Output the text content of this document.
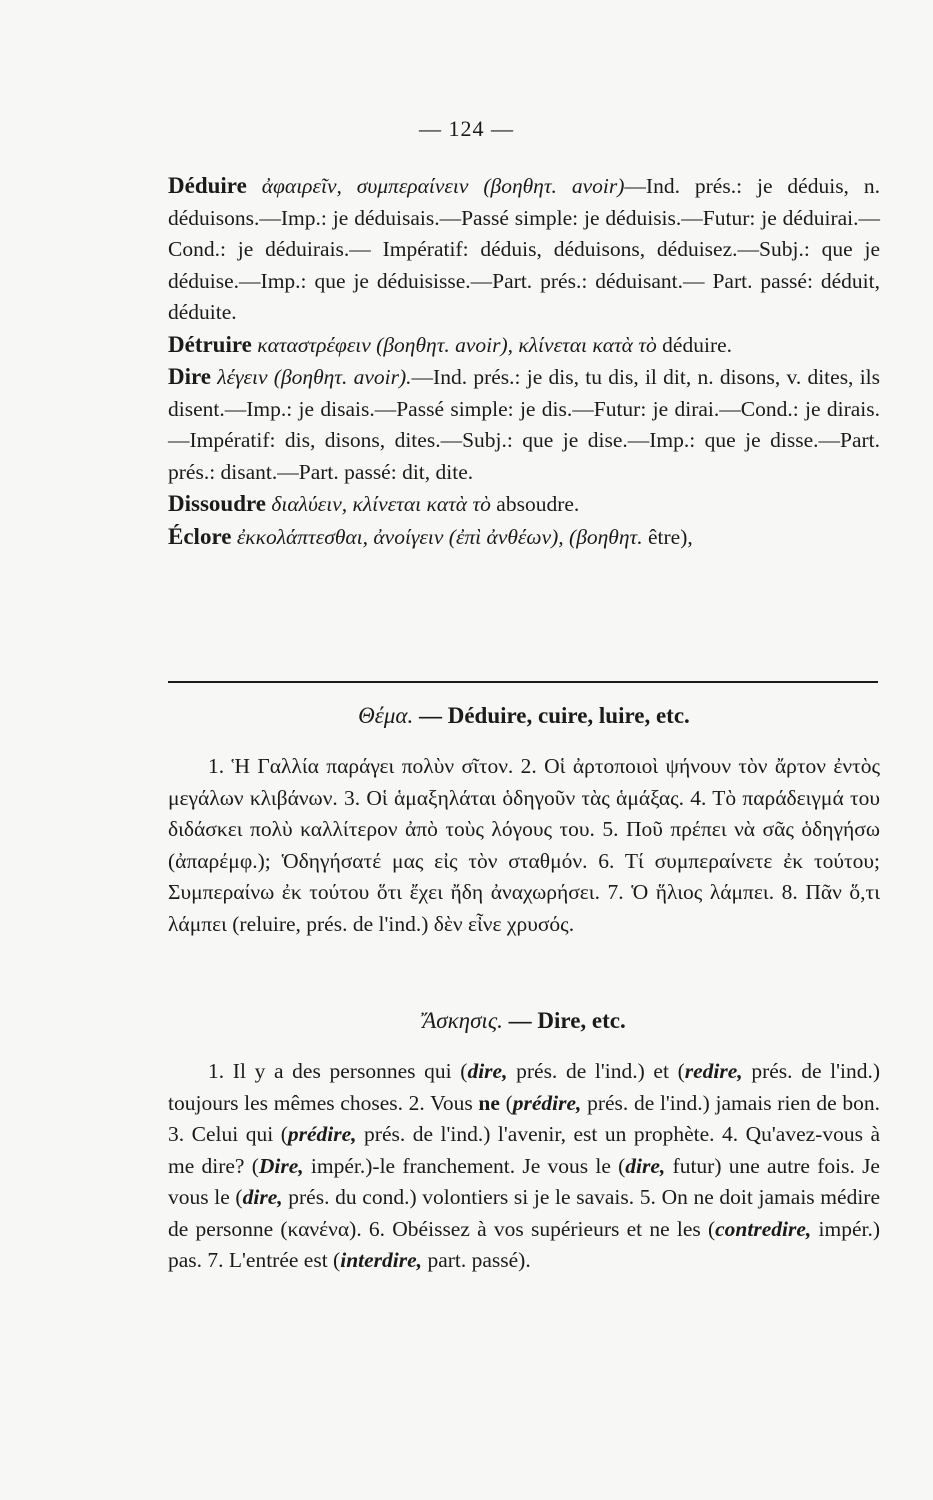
— 124 —

Déduire ἀφαιρεῖν, συμπεραίνειν (βοηθητ. avoir)—Ind. prés.: je déduis, n. déduisons.—Imp.: je déduisais.—Passé simple: je déduisis.—Futur: je déduirai.—Cond.: je déduirais.— Impératif: déduis, déduisons, déduisez.—Subj.: que je déduise.—Imp.: que je déduisisse.—Part. prés.: déduisant.— Part. passé: déduit, déduite.

Détruire καταστρέφειν (βοηθητ. avoir), κλίνεται κατὰ τὸ déduire.

Dire λέγειν (βοηθητ. avoir).—Ind. prés.: je dis, tu dis, il dit, n. disons, v. dites, ils disent.—Imp.: je disais.—Passé simple: je dis.—Futur: je dirai.—Cond.: je dirais.—Impératif: dis, disons, dites.—Subj.: que je dise.—Imp.: que je disse.—Part. prés.: disant.—Part. passé: dit, dite.

Dissoudre διαλύειν, κλίνεται κατὰ τὸ absoudre.

Éclore ἐκκολάπτεσθαι, ἀνοίγειν (ἐπὶ ἀνθέων), (βοηθητ. être),

Θέμα. — Déduire, cuire, luire, etc.

1. Ἡ Γαλλία παράγει πολὺν σῖτον. 2. Οἱ ἀρτοποιοὶ ψήνουν τὸν ἄρτον ἐντὸς μεγάλων κλιβάνων. 3. Οἱ ἁμαξηλάται ὁδηγοῦν τὰς ἁμάξας. 4. Τὸ παράδειγμά του διδάσκει πολὺ καλλίτερον ἀπὸ τοὺς λόγους του. 5. Ποῦ πρέπει νὰ σᾶς ὁδηγήσω (ἀπαρέμφ.); Ὁδηγήσατέ μας εἰς τὸν σταθμόν. 6. Τί συμπεραίνετε ἐκ τούτου; Συμπεραίνω ἐκ τούτου ὅτι ἔχει ἤδη ἀναχωρήσει. 7. Ὁ ἥλιος λάμπει. 8. Πᾶν ὅ,τι λάμπει (reluire, prés. de l'ind.) δὲν εἶνε χρυσός.

Ἄσκησις. — Dire, etc.

1. Il y a des personnes qui (dire, prés. de l'ind.) et (redire, prés. de l'ind.) toujours les mêmes choses. 2. Vous ne (prédire, prés. de l'ind.) jamais rien de bon. 3. Celui qui (prédire, prés. de l'ind.) l'avenir, est un prophète. 4. Qu'avez-vous à me dire? (Dire, impér.)-le franchement. Je vous le (dire, futur) une autre fois. Je vous le (dire, prés. du cond.) volontiers si je le savais. 5. On ne doit jamais médire de personne (κανένα). 6. Obéissez à vos supérieurs et ne les (contredire, impér.) pas. 7. L'entrée est (interdire, part. passé).
